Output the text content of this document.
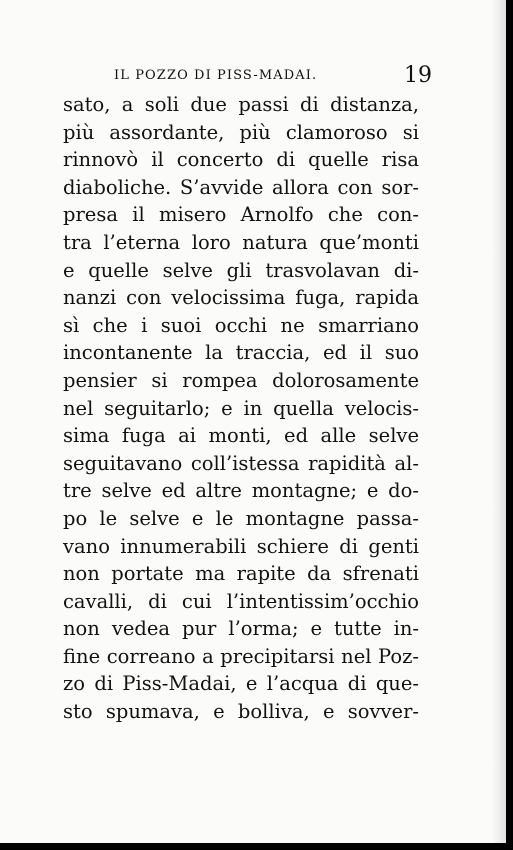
IL POZZO DI PISS-MADAI.	19
sato, a soli due passi di distanza,
più assordante, più clamoroso si
rinnovò il concerto di quelle risa
diaboliche. S’avvide allora con sor-
presa il misero Arnolfo che con-
tra l’eterna loro natura que’monti
e quelle selve gli trasvolavan di-
nanzi con velocissima fuga, rapida
sì che i suoi occhi ne smarriano
incontanente la traccia, ed il suo
pensier si rompea dolorosamente
nel seguitarlo; e in quella velocis-
sima fuga ai monti, ed alle selve
seguitavano coll’istessa rapidità al-
tre selve ed altre montagne; e do-
po le selve e le montagne passa-
vano innumerabili schiere di genti
non portate ma rapite da sfrenati
cavalli, di cui l’intentissim’occhio
non vedea pur l’orma; e tutte in-
fine correano a precipitarsi nel Poz-
zo di Piss-Madai, e l’acqua di que-
sto spumava, e bolliva, e sovver-
